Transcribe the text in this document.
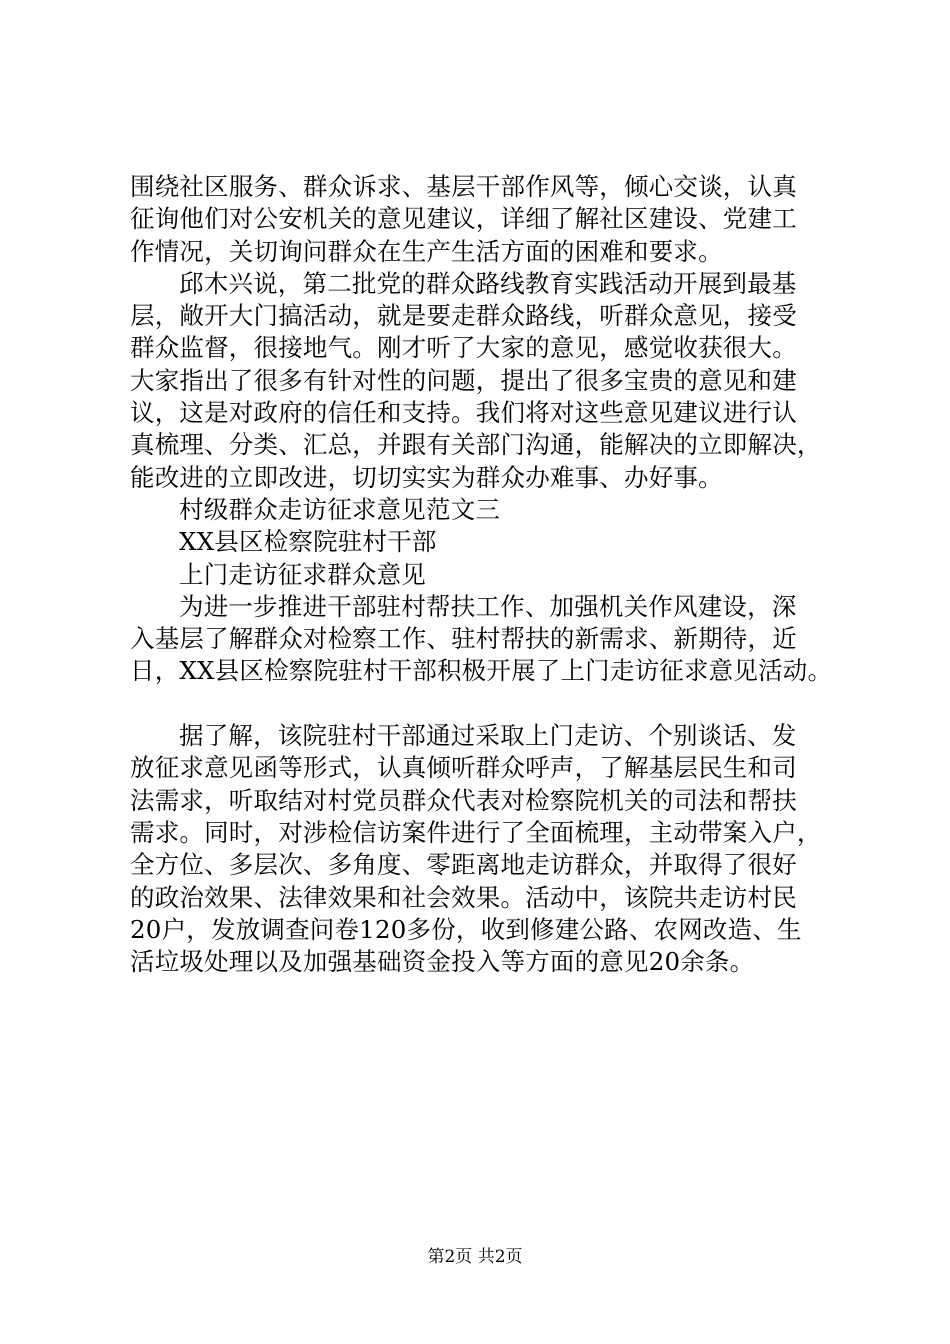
围绕社区服务、群众诉求、基层干部作风等，倾心交谈，认真
征询他们对公安机关的意见建议，详细了解社区建设、党建工
作情况，关切询问群众在生产生活方面的困难和要求。
邱木兴说，第二批党的群众路线教育实践活动开展到最基
层，敞开大门搞活动，就是要走群众路线，听群众意见，接受
群众监督，很接地气。刚才听了大家的意见，感觉收获很大。
大家指出了很多有针对性的问题，提出了很多宝贵的意见和建
议，这是对政府的信任和支持。我们将对这些意见建议进行认
真梳理、分类、汇总，并跟有关部门沟通，能解决的立即解决，
能改进的立即改进，切切实实为群众办难事、办好事。
村级群众走访征求意见范文三
XX县区检察院驻村干部
上门走访征求群众意见
为进一步推进干部驻村帮扶工作、加强机关作风建设，深
入基层了解群众对检察工作、驻村帮扶的新需求、新期待，近
日，XX县区检察院驻村干部积极开展了上门走访征求意见活动。
据了解，该院驻村干部通过采取上门走访、个别谈话、发
放征求意见函等形式，认真倾听群众呼声，了解基层民生和司
法需求，听取结对村党员群众代表对检察院机关的司法和帮扶
需求。同时，对涉检信访案件进行了全面梳理，主动带案入户，
全方位、多层次、多角度、零距离地走访群众，并取得了很好
的政治效果、法律效果和社会效果。活动中，该院共走访村民
20户，发放调查问卷120多份，收到修建公路、农网改造、生
活垃圾处理以及加强基础资金投入等方面的意见20余条。
第2页 共2页
